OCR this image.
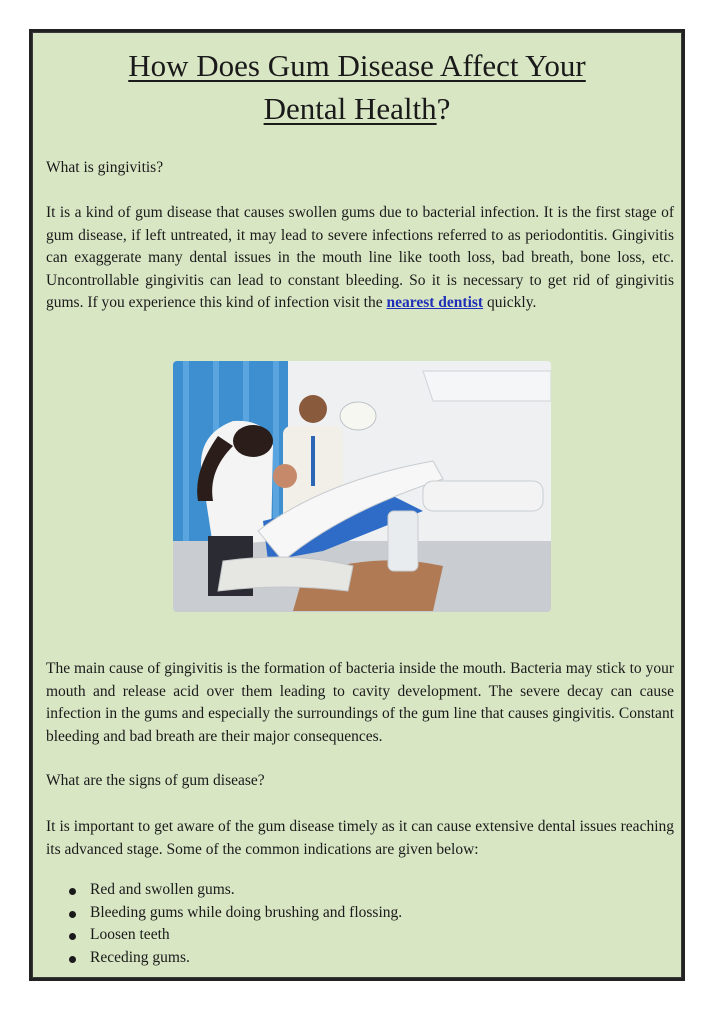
How Does Gum Disease Affect Your
Dental Health?

What is gingivitis?

It is a kind of gum disease that causes swollen gums due to bacterial infection. It is the first stage of gum disease, if left untreated, it may lead to severe infections referred to as periodontitis. Gingivitis can exaggerate many dental issues in the mouth line like tooth loss, bad breath, bone loss, etc. Uncontrollable gingivitis can lead to constant bleeding. So it is necessary to get rid of gingivitis gums. If you experience this kind of infection visit the nearest dentist quickly.

The main cause of gingivitis is the formation of bacteria inside the mouth. Bacteria may stick to your mouth and release acid over them leading to cavity development. The severe decay can cause infection in the gums and especially the surroundings of the gum line that causes gingivitis. Constant bleeding and bad breath are their major consequences.

What are the signs of gum disease?

It is important to get aware of the gum disease timely as it can cause extensive dental issues reaching its advanced stage. Some of the common indications are given below:

Red and swollen gums.
Bleeding gums while doing brushing and flossing.
Loosen teeth
Receding gums.
